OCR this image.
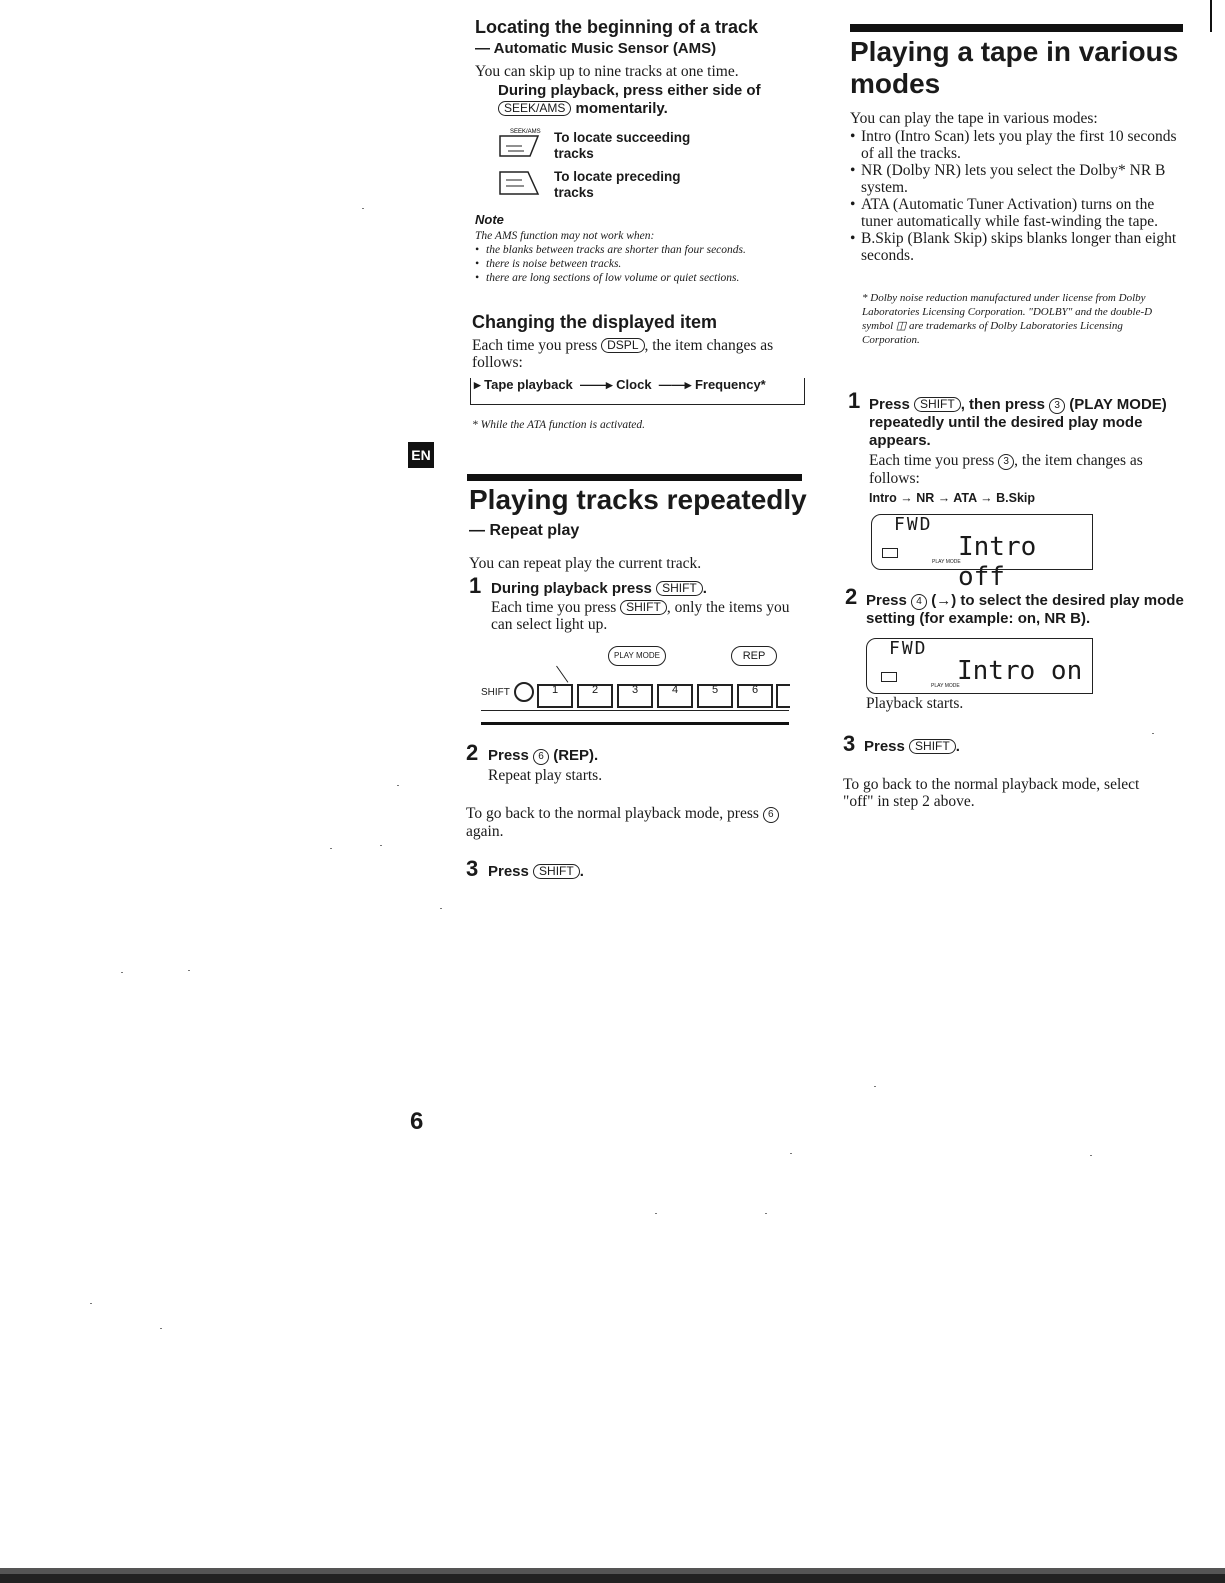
Locating the beginning of a track
— Automatic Music Sensor (AMS)
You can skip up to nine tracks at one time.
During playback, press either side of SEEK/AMS momentarily.
SEEK/AMS To locate succeeding tracks
To locate preceding tracks
Note
The AMS function may not work when:
• the blanks between tracks are shorter than four seconds.
• there is noise between tracks.
• there are long sections of low volume or quiet sections.
Changing the displayed item
Each time you press DSPL , the item changes as follows:
▸ Tape playback  ——▸ Clock  ——▸ Frequency*
* While the ATA function is activated.
EN
Playing tracks repeatedly
— Repeat play
You can repeat play the current track.
1 During playback press SHIFT .
Each time you press SHIFT , only the items you can select light up.
PLAY MODE	REP
SHIFT	1	2	3	4	5	6
2 Press 6 (REP).
Repeat play starts.
To go back to the normal playback mode, press 6 again.
3 Press SHIFT .
6
Playing a tape in various modes
You can play the tape in various modes:
• Intro (Intro Scan) lets you play the first 10 seconds of all the tracks.
• NR (Dolby NR) lets you select the Dolby* NR B system.
• ATA (Automatic Tuner Activation) turns on the tuner automatically while fast-winding the tape.
• B.Skip (Blank Skip) skips blanks longer than eight seconds.
* Dolby noise reduction manufactured under license from Dolby Laboratories Licensing Corporation. "DOLBY" and the double-D symbol ◫ are trademarks of Dolby Laboratories Licensing Corporation.
1 Press SHIFT , then press 3 (PLAY MODE) repeatedly until the desired play mode appears.
Each time you press 3 , the item changes as follows:
Intro → NR → ATA → B.Skip
FWD
Intro off
PLAY MODE
2 Press 4 (→) to select the desired play mode setting (for example: on, NR B).
FWD
Intro on
PLAY MODE
Playback starts.
3 Press SHIFT .
To go back to the normal playback mode, select "off" in step 2 above.
